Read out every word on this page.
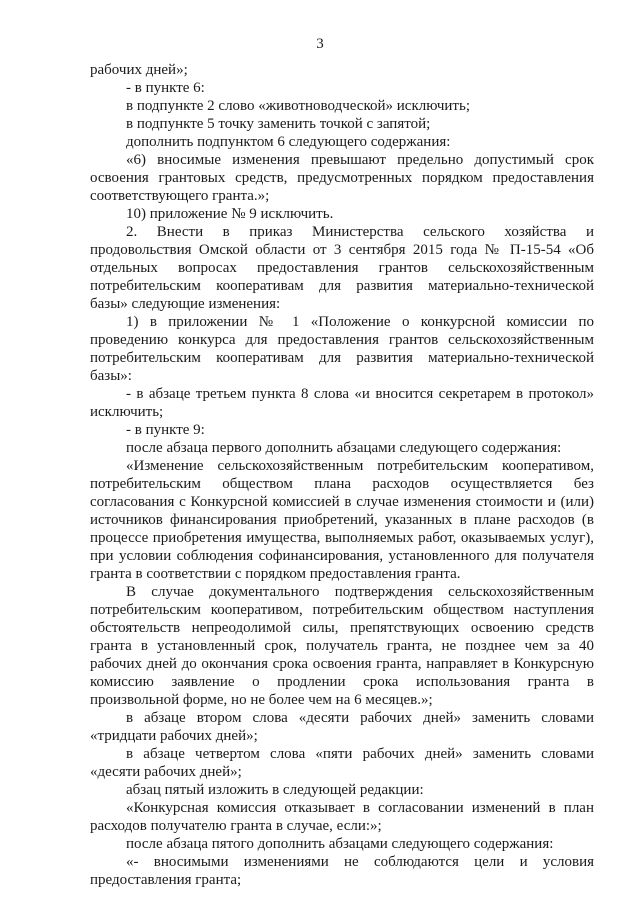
3
рабочих дней»;
- в пункте 6:
в подпункте 2 слово «животноводческой» исключить;
в подпункте 5 точку заменить точкой с запятой;
дополнить подпунктом 6 следующего содержания:
«6) вносимые изменения превышают предельно допустимый срок
освоения грантовых средств, предусмотренных порядком предоставления
соответствующего гранта.»;
10) приложение № 9 исключить.
2. Внести в приказ Министерства сельского хозяйства и
продовольствия Омской области от 3 сентября 2015 года № П-15-54 «Об
отдельных вопросах предоставления грантов сельскохозяйственным
потребительским кооперативам для развития материально-технической
базы» следующие изменения:
1) в приложении № 1 «Положение о конкурсной комиссии по
проведению конкурса для предоставления грантов сельскохозяйственным
потребительским кооперативам для развития материально-технической
базы»:
- в абзаце третьем пункта 8 слова «и вносится секретарем в протокол»
исключить;
- в пункте 9:
после абзаца первого дополнить абзацами следующего содержания:
«Изменение сельскохозяйственным потребительским кооперативом,
потребительским обществом плана расходов осуществляется без
согласования с Конкурсной комиссией в случае изменения стоимости и (или)
источников финансирования приобретений, указанных в плане расходов (в
процессе приобретения имущества, выполняемых работ, оказываемых услуг),
при условии соблюдения софинансирования, установленного для получателя
гранта в соответствии с порядком предоставления гранта.
В случае документального подтверждения сельскохозяйственным
потребительским кооперативом, потребительским обществом наступления
обстоятельств непреодолимой силы, препятствующих освоению средств
гранта в установленный срок, получатель гранта, не позднее чем за 40
рабочих дней до окончания срока освоения гранта, направляет в Конкурсную
комиссию заявление о продлении срока использования гранта в
произвольной форме, но не более чем на 6 месяцев.»;
в абзаце втором слова «десяти рабочих дней» заменить словами
«тридцати рабочих дней»;
в абзаце четвертом слова «пяти рабочих дней» заменить словами
«десяти рабочих дней»;
абзац пятый изложить в следующей редакции:
«Конкурсная комиссия отказывает в согласовании изменений в план
расходов получателю гранта в случае, если:»;
после абзаца пятого дополнить абзацами следующего содержания:
«- вносимыми изменениями не соблюдаются цели и условия
предоставления гранта;
